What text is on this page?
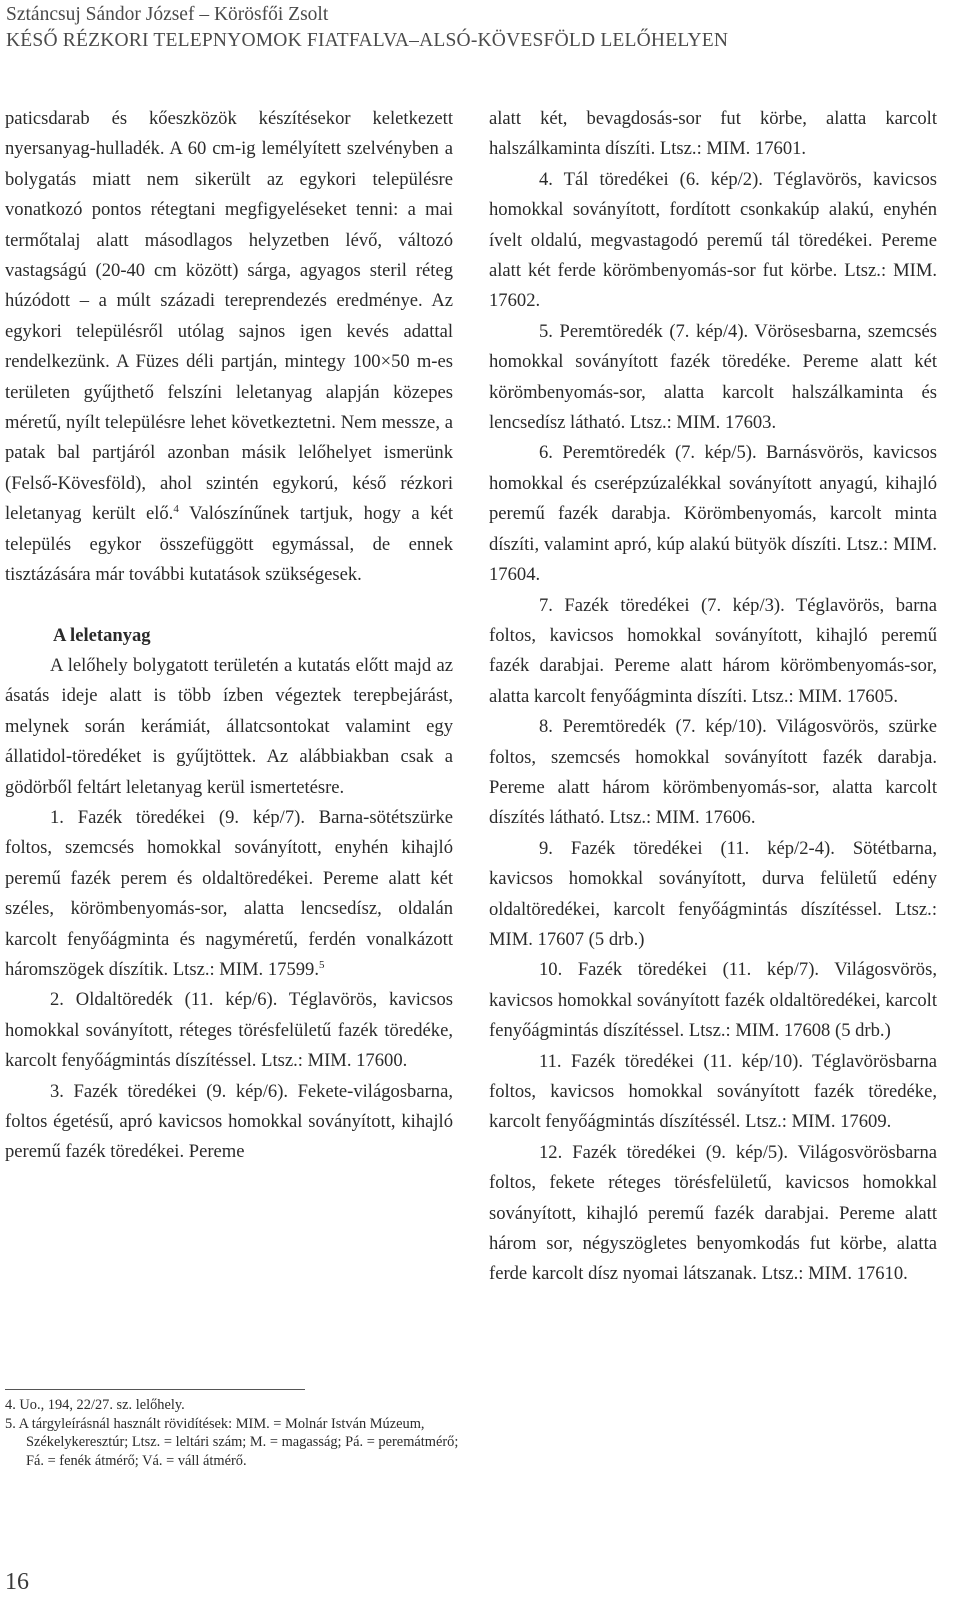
Sztáncsuj Sándor József – Körösfői Zsolt
KÉSŐ RÉZKORI TELEPNYOMOK FIATFALVA–ALSÓ-KÖVESFÖLD LELŐHELYEN

paticsdarab és kőeszközök készítésekor keletkezett nyersanyag-hulladék. A 60 cm-ig lemélyített szelvényben a bolygatás miatt nem sikerült az egykori településre vonatkozó pontos rétegtani megfigyeléseket tenni: a mai termőtalaj alatt másodlagos helyzetben lévő, változó vastagságú (20-40 cm között) sárga, agyagos steril réteg húzódott – a múlt századi tereprendezés eredménye. Az egykori településről utólag sajnos igen kevés adattal rendelkezünk. A Füzes déli partján, mintegy 100×50 m-es területen gyűjthető felszíni leletanyag alapján közepes méretű, nyílt településre lehet következtetni. Nem messze, a patak bal partjáról azonban másik lelőhelyet ismerünk (Felső-Kövesföld), ahol szintén egykorú, késő rézkori leletanyag került elő.$^4$ Valószínűnek tartjuk, hogy a két település egykor összefüggött egymással, de ennek tisztázására már további kutatások szükségesek.

A leletanyag

A lelőhely bolygatott területén a kutatás előtt majd az ásatás ideje alatt is több ízben végeztek terepbejárást, melynek során kerámiát, állatcsontokat valamint egy állatidol-töredéket is gyűjtöttek. Az alábbiakban csak a gödörből feltárt leletanyag kerül ismertetésre.

1. Fazék töredékei (9. kép/7). Barna-sötétszürke foltos, szemcsés homokkal soványított, enyhén kihajló peremű fazék perem és oldaltöredékei. Pereme alatt két széles, körömbenyomás-sor, alatta lencsedísz, oldalán karcolt fenyőágminta és nagyméretű, ferdén vonalkázott háromszögek díszítik. Ltsz.: MIM. 17599.$^5$

2. Oldaltöredék (11. kép/6). Téglavörös, kavicsos homokkal soványított, réteges törésfelületű fazék töredéke, karcolt fenyőágmintás díszítéssel. Ltsz.: MIM. 17600.

3. Fazék töredékei (9. kép/6). Fekete-világosbarna, foltos égetésű, apró kavicsos homokkal soványított, kihajló peremű fazék töredékei. Pereme

alatt két, bevagdosás-sor fut körbe, alatta karcolt halszálkaminta díszíti. Ltsz.: MIM. 17601.

4. Tál töredékei (6. kép/2). Téglavörös, kavicsos homokkal soványított, fordított csonkakúp alakú, enyhén ívelt oldalú, megvastagodó peremű tál töredékei. Pereme alatt két ferde körömbenyomás-sor fut körbe. Ltsz.: MIM. 17602.

5. Peremtöredék (7. kép/4). Vörösesbarna, szemcsés homokkal soványított fazék töredéke. Pereme alatt két körömbenyomás-sor, alatta karcolt halszálkaminta és lencsedísz látható. Ltsz.: MIM. 17603.

6. Peremtöredék (7. kép/5). Barnásvörös, kavicsos homokkal és cserépzúzalékkal soványított anyagú, kihajló peremű fazék darabja. Körömbenyomás, karcolt minta díszíti, valamint apró, kúp alakú bütyök díszíti. Ltsz.: MIM. 17604.

7. Fazék töredékei (7. kép/3). Téglavörös, barna foltos, kavicsos homokkal soványított, kihajló peremű fazék darabjai. Pereme alatt három körömbenyomás-sor, alatta karcolt fenyőágminta díszíti. Ltsz.: MIM. 17605.

8. Peremtöredék (7. kép/10). Világosvörös, szürke foltos, szemcsés homokkal soványított fazék darabja. Pereme alatt három körömbenyomás-sor, alatta karcolt díszítés látható. Ltsz.: MIM. 17606.

9. Fazék töredékei (11. kép/2-4). Sötétbarna, kavicsos homokkal soványított, durva felületű edény oldaltöredékei, karcolt fenyőágmintás díszítéssel. Ltsz.: MIM. 17607 (5 drb.)

10. Fazék töredékei (11. kép/7). Világosvörös, kavicsos homokkal soványított fazék oldaltöredékei, karcolt fenyőágmintás díszítéssel. Ltsz.: MIM. 17608 (5 drb.)

11. Fazék töredékei (11. kép/10). Téglavörösbarna foltos, kavicsos homokkal soványított fazék töredéke, karcolt fenyőágmintás díszítéssél. Ltsz.: MIM. 17609.

12. Fazék töredékei (9. kép/5). Világosvörösbarna foltos, fekete réteges törésfelületű, kavicsos homokkal soványított, kihajló peremű fazék darabjai. Pereme alatt három sor, négyszögletes benyomkodás fut körbe, alatta ferde karcolt dísz nyomai látszanak. Ltsz.: MIM. 17610.

4. Uo., 194, 22/27. sz. lelőhely.

5. A tárgyleírásnál használt rövidítések: MIM. = Molnár István Múzeum, Székelykeresztúr; Ltsz. = leltári szám; M. = magasság; Pá. = peremátmérő; Fá. = fenék átmérő; Vá. = váll átmérő.

16
